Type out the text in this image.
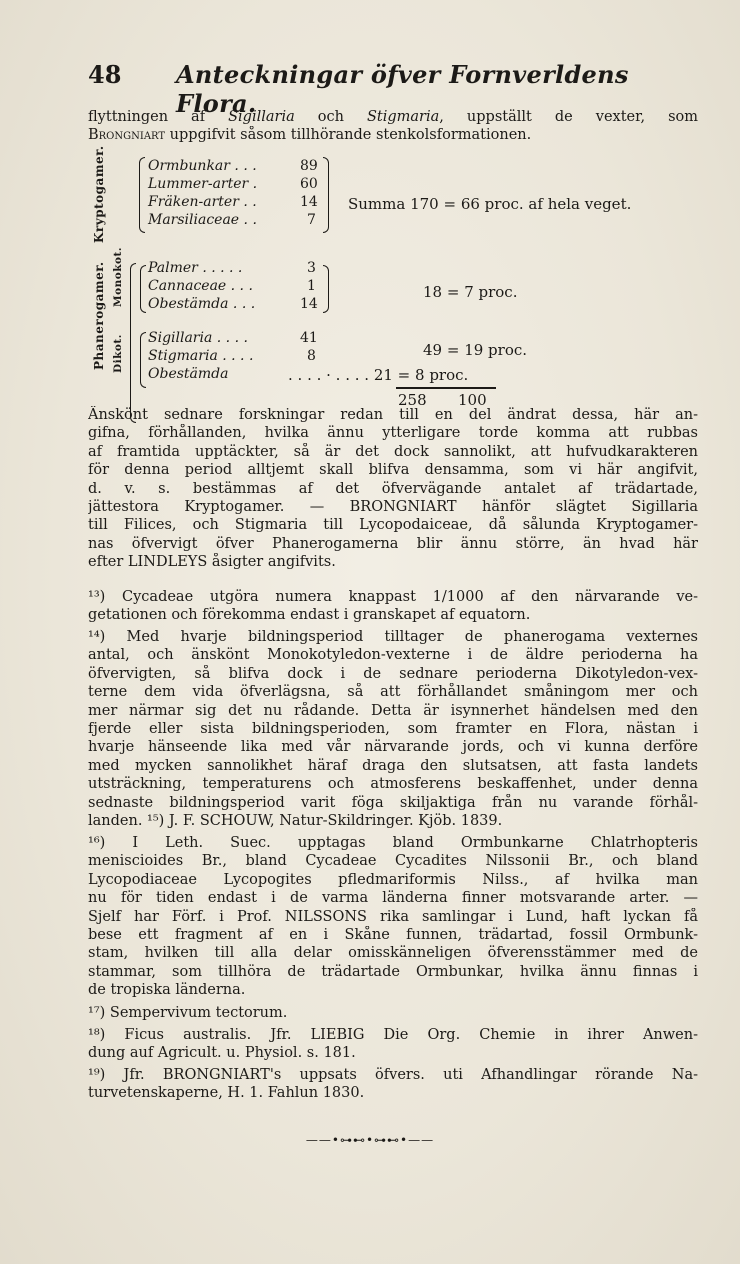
48 Anteckningar öfver Fornverldens Flora.
flyttningen af Sigillaria och Stigmaria, uppställt de vexter, som
Brongniart uppgifvit såsom tillhörande stenkolsformationen.
Kryptogamer.
Phanerogamer. Monokot.
Dikot.
Ormbunkar . . .	89
Lummer-arter .	60
Fräken-arter . .	14
Marsiliaceae . .	7
Summa 170 = 66 proc. af hela veget.
Palmer . . . . .	3
Cannaceae . . .	1
Obestämda . . .	14
18 = 7 proc.
Sigillaria . . . .	41
Stigmaria . . . .	8
Obestämda	. . . . · . . . . 21 = 8 proc.
49 = 19 proc.
258 100
Änskönt sednare forskningar redan till en del ändrat dessa, här an-
gifna, förhållanden, hvilka ännu ytterligare torde komma att rubbas
af framtida upptäckter, så är det dock sannolikt, att hufvudkarakteren
för denna period alltjemt skall blifva densamma, som vi här angifvit,
d. v. s. bestämmas af det öfvervägande antalet af trädartade,
jättestora Kryptogamer. — BRONGNIART hänför slägtet Sigillaria
till Filices, och Stigmaria till Lycopodaiceae, då sålunda Kryptogamer-
nas öfvervigt öfver Phanerogamerna blir ännu större, än hvad här
efter LINDLEYS åsigter angifvits.
¹³) Cycadeae utgöra numera knappast 1/1000 af den närvarande ve-
getationen och förekomma endast i granskapet af equatorn.
¹⁴) Med hvarje bildningsperiod tilltager de phanerogama vexternes
antal, och änskönt Monokotyledon-vexterne i de äldre perioderna ha
öfvervigten, så blifva dock i de sednare perioderna Dikotyledon-vex-
terne dem vida öfverlägsna, så att förhållandet småningom mer och
mer närmar sig det nu rådande. Detta är isynnerhet händelsen med den
fjerde eller sista bildningsperioden, som framter en Flora, nästan i
hvarje hänseende lika med vår närvarande jords, och vi kunna derföre
med mycken sannolikhet häraf draga den slutsatsen, att fasta landets
utsträckning, temperaturens och atmosferens beskaffenhet, under denna
sednaste bildningsperiod varit föga skiljaktiga från nu varande förhål-
landen. ¹⁵) J. F. SCHOUW, Natur-Skildringer. Kjöb. 1839.
¹⁶) I Leth. Suec. upptagas bland Ormbunkarne Chlatrhopteris
meniscioides Br., bland Cycadeae Cycadites Nilssonii Br., och bland
Lycopodiaceae Lycopogites pfledmariformis Nilss., af hvilka man
nu för tiden endast i de varma länderna finner motsvarande arter. —
Sjelf har Förf. i Prof. NILSSONS rika samlingar i Lund, haft lyckan få
bese ett fragment af en i Skåne funnen, trädartad, fossil Ormbunk-
stam, hvilken till alla delar omisskänneligen öfverensstämmer med de
stammar, som tillhöra de trädartade Ormbunkar, hvilka ännu finnas i
de tropiska länderna.
¹⁷) Sempervivum tectorum.
¹⁸) Ficus australis. Jfr. LIEBIG Die Org. Chemie in ihrer Anwen-
dung auf Agricult. u. Physiol. s. 181.
¹⁹) Jfr. BRONGNIART's uppsats öfvers. uti Afhandlingar rörande Na-
turvetenskaperne, H. 1. Fahlun 1830.
——•⊶⊷•⊶⊷•——
